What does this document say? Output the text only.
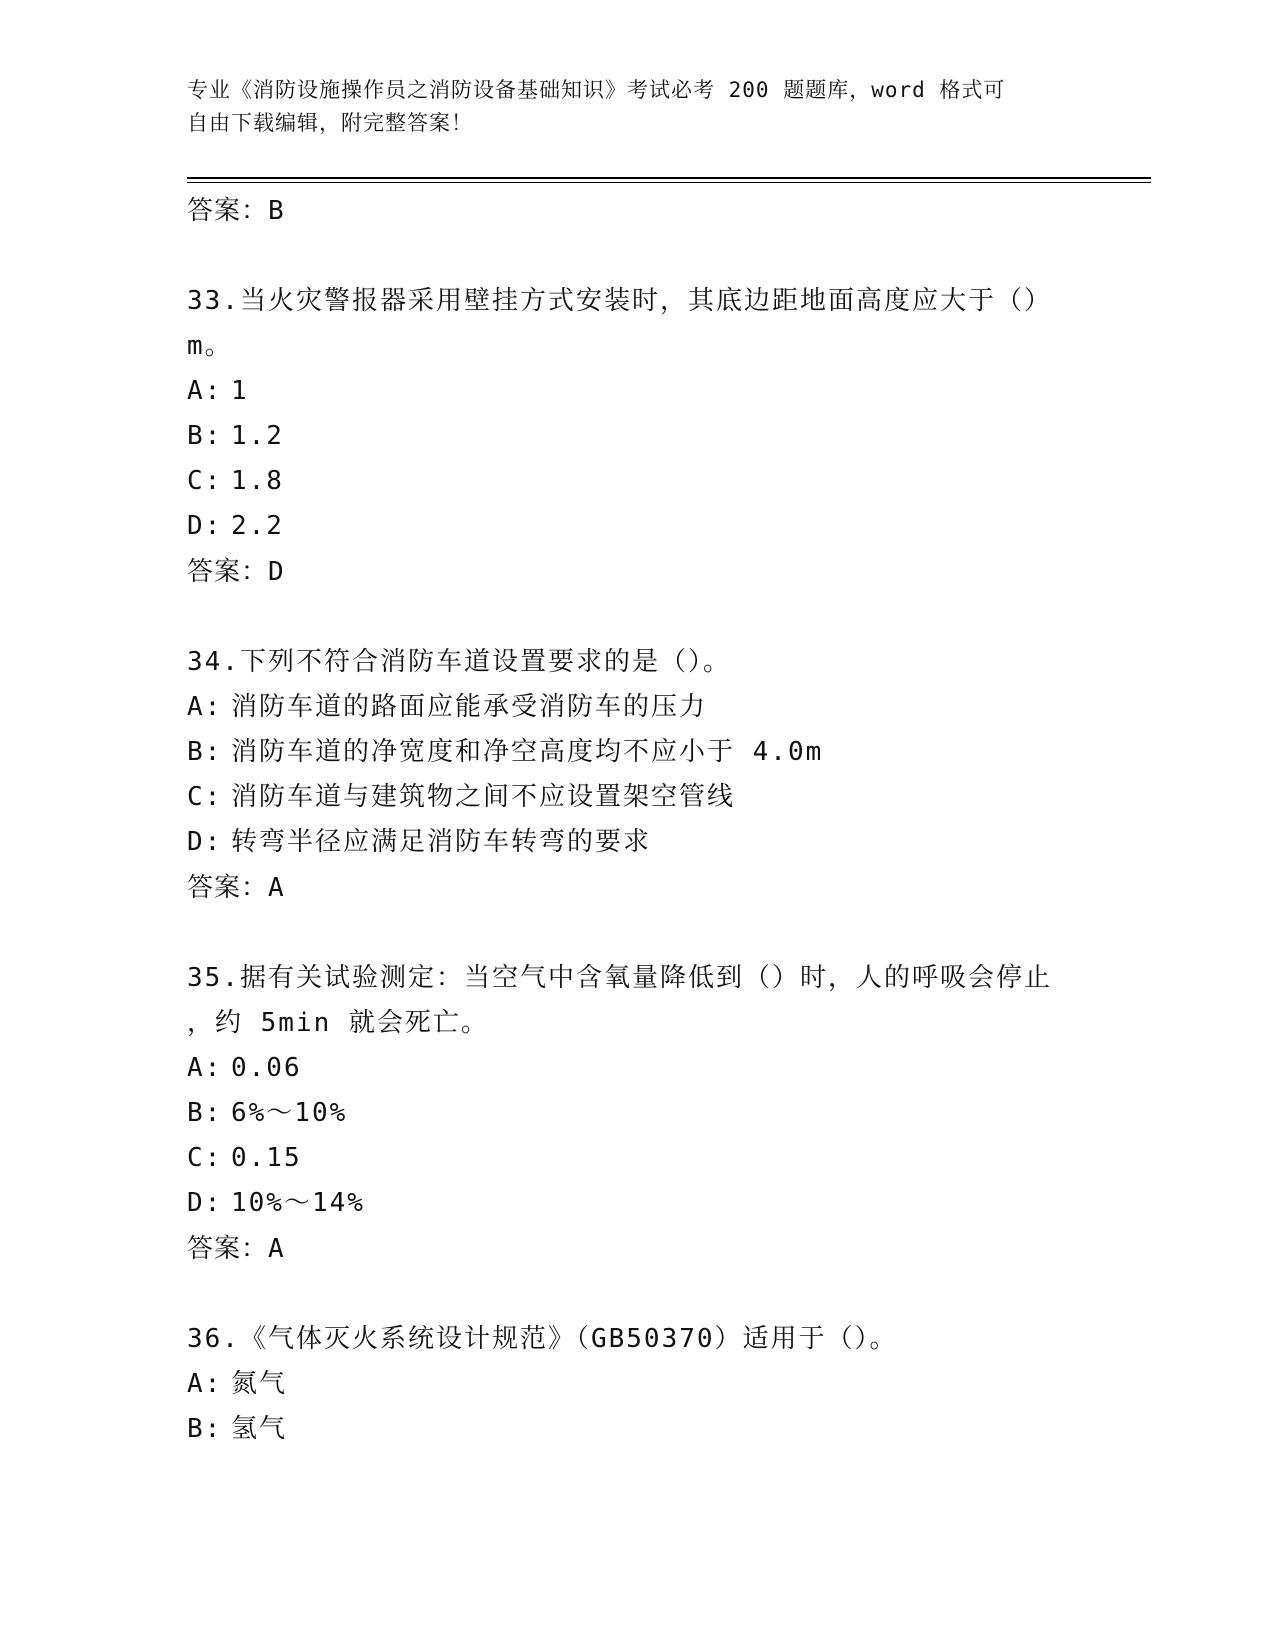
专业《消防设施操作员之消防设备基础知识》考试必考 200 题题库，word 格式可
自由下载编辑，附完整答案！
答案：B
33.当火灾警报器采用壁挂方式安装时，其底边距地面高度应大于（）
m。
A: 1
B: 1.2
C: 1.8
D: 2.2
答案：D
34.下列不符合消防车道设置要求的是（）。
A: 消防车道的路面应能承受消防车的压力
B: 消防车道的净宽度和净空高度均不应小于 4.0m
C: 消防车道与建筑物之间不应设置架空管线
D: 转弯半径应满足消防车转弯的要求
答案：A
35.据有关试验测定：当空气中含氧量降低到（）时，人的呼吸会停止
，约 5min 就会死亡。
A: 0.06
B: 6%～10%
C: 0.15
D: 10%～14%
答案：A
36.《气体灭火系统设计规范》（GB50370）适用于（）。
A: 氮气
B: 氢气
